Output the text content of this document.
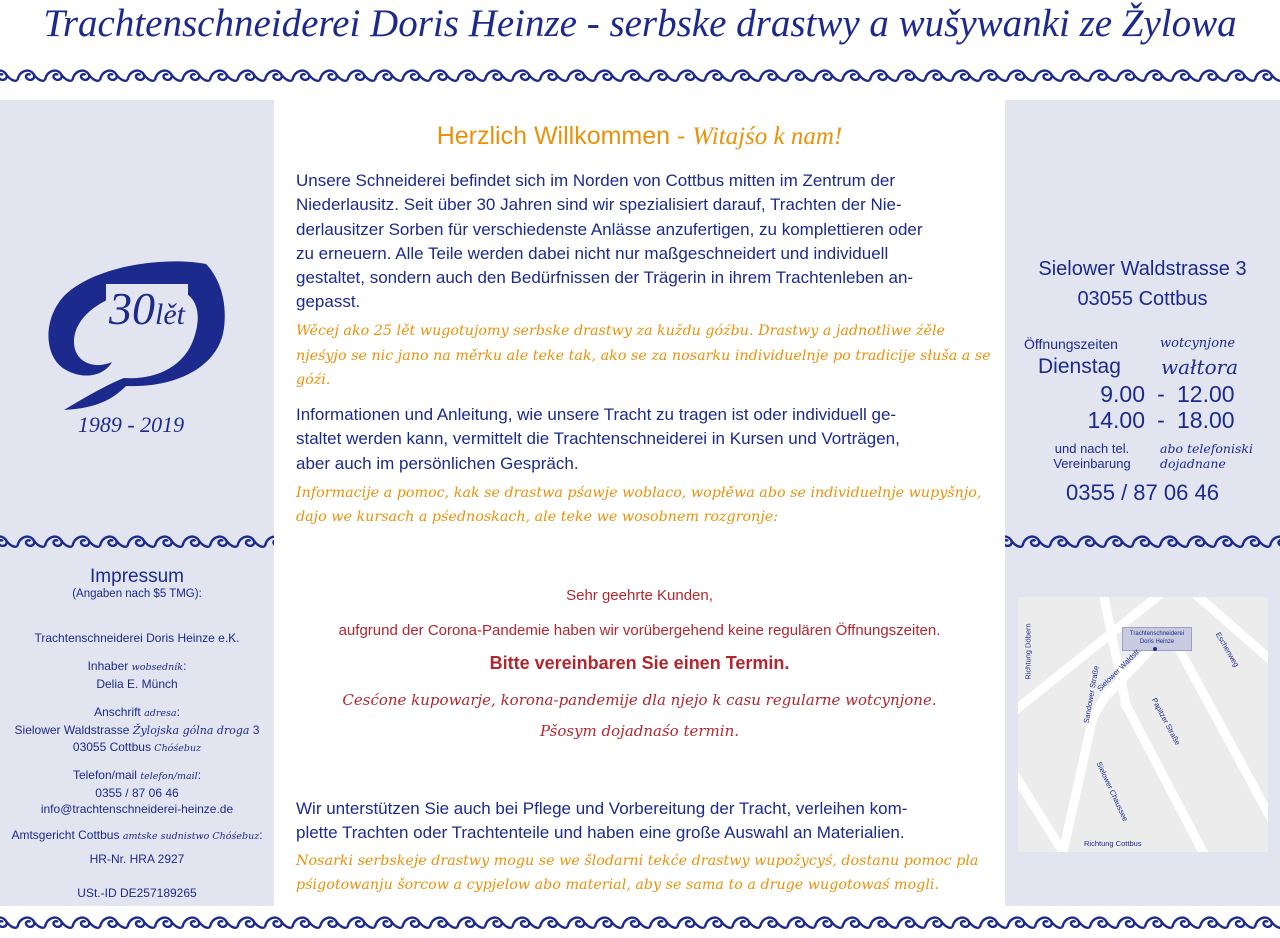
Trachtenschneiderei Doris Heinze - serbske drastwy a wušywanki ze Žylowa
30lět
1989 - 2019
Impressum
(Angaben nach $5 TMG):
Trachtenschneiderei Doris Heinze e.K.
Inhaber wobsedník:
Delia E. Münch
Anschrift adresa:
Sielower Waldstrasse Žylojska gólna droga 3
03055 Cottbus Chóśebuz
Telefon/mail telefon/mail:
0355 / 87 06 46
info@trachtenschneiderei-heinze.de
Amtsgericht Cottbus amtske sudnistwo Chóśebuz:
HR-Nr. HRA 2927
USt.-ID DE257189265
Herzlich Willkommen - Witajśo k nam!
Unsere Schneiderei befindet sich im Norden von Cottbus mitten im Zentrum der
Niederlausitz. Seit über 30 Jahren sind wir spezialisiert darauf, Trachten der Nie-
derlausitzer Sorben für verschiedenste Anlässe anzufertigen, zu komplettieren oder
zu erneuern. Alle Teile werden dabei nicht nur maßgeschneidert und individuell
gestaltet, sondern auch den Bedürfnissen der Trägerin in ihrem Trachtenleben an-
gepasst.
Wěcej ako 25 lět wugotujomy serbske drastwy za kuždu góźbu. Drastwy a jadnotliwe źěle
njeśyjo se nic jano na měrku ale teke tak, ako se za nosarku individuelnje po tradicije słuša a se
góźi.
Informationen und Anleitung, wie unsere Tracht zu tragen ist oder individuell ge-
staltet werden kann, vermittelt die Trachtenschneiderei in Kursen und Vorträgen,
aber auch im persönlichen Gespräch.
Informacije a pomoc, kak se drastwa pśawje woblaco, wopłěwa abo se individuelnje wupyšnjo,
dajo we kursach a pśednoskach, ale teke we wosobnem rozgronje:
Sehr geehrte Kunden,
aufgrund der Corona-Pandemie haben wir vorübergehend keine regulären Öffnungszeiten.
Bitte vereinbaren Sie einen Termin.
Cesćone kupowarje, korona-pandemije dla njejo k casu regularne wotcynjone.
Pšosym dojadnaśo termin.
Wir unterstützen Sie auch bei Pflege und Vorbereitung der Tracht, verleihen kom-
plette Trachten oder Trachtenteile und haben eine große Auswahl an Materialien.
Nosarki serbskeje drastwy mogu se we šlodarni tekće drastwy wupožycyś, dostanu pomoc pla
pśigotowanju šorcow a cypjelow abo material, aby se sama to a druge wugotowaś mogli.
Sielower Waldstrasse 3
03055 Cottbus
Öffnungszeiten	wotcynjone
Dienstag wałtora
9.00 - 12.00
14.00 - 18.00
und nach tel.
Vereinbarung
abo telefoniski
dojadnane
0355 / 87 06 46
Trachtenschneiderei
Doris Heinze
Richtung Döbern	Sielower Waldstr.
Sandower Straße
Sielower Chaussee
Papitzer Straße
Eschenweg
Richtung Cottbus
